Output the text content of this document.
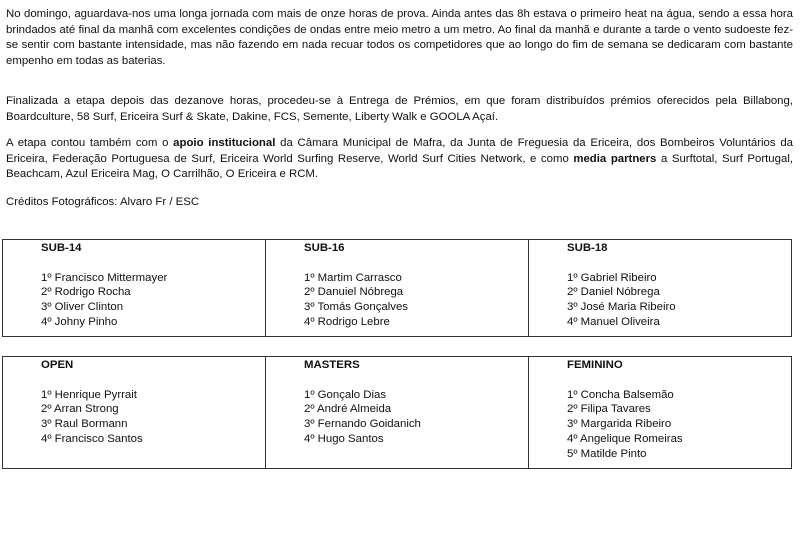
No domingo, aguardava-nos uma longa jornada com mais de onze horas de prova. Ainda antes das 8h estava o primeiro heat na água, sendo a essa hora brindados até final da manhã com excelentes condições de ondas entre meio metro a um metro. Ao final da manhã e durante a tarde o vento sudoeste fez-se sentir com bastante intensidade, mas não fazendo em nada recuar todos os competidores que ao longo do fim de semana se dedicaram com bastante empenho em todas as baterias.

Finalizada a etapa depois das dezanove horas, procedeu-se à Entrega de Prémios, em que foram distribuídos prémios oferecidos pela Billabong, Boardculture, 58 Surf, Ericeira Surf & Skate, Dakine, FCS, Semente, Liberty Walk e GOOLA Açaí.

A etapa contou também com o apoio institucional da Câmara Municipal de Mafra, da Junta de Freguesia da Ericeira, dos Bombeiros Voluntários da Ericeira, Federação Portuguesa de Surf, Ericeira World Surfing Reserve, World Surf Cities Network, e como media partners a Surftotal, Surf Portugal, Beachcam, Azul Ericeira Mag, O Carrilhão, O Ericeira e RCM.

Créditos Fotográficos: Alvaro Fr / ESC

SUB-14
1º Francisco Mittermayer
2º Rodrigo Rocha
3º Oliver Clinton
4º Johny Pinho

SUB-16
1º Martim Carrasco
2º Danuiel Nóbrega
3º Tomás Gonçalves
4º Rodrigo Lebre

SUB-18
1º Gabriel Ribeiro
2º Daniel Nóbrega
3º José Maria Ribeiro
4º Manuel Oliveira
OPEN
1º Henrique Pyrrait
2º Arran Strong
3º Raul Bormann
4º Francisco Santos

MASTERS
1º Gonçalo Dias
2º André Almeida
3º Fernando Goidanich
4º Hugo Santos

FEMININO
1º Concha Balsemão
2º Filipa Tavares
3º Margarida Ribeiro
4º Angelique Romeiras
5º Matilde Pinto
